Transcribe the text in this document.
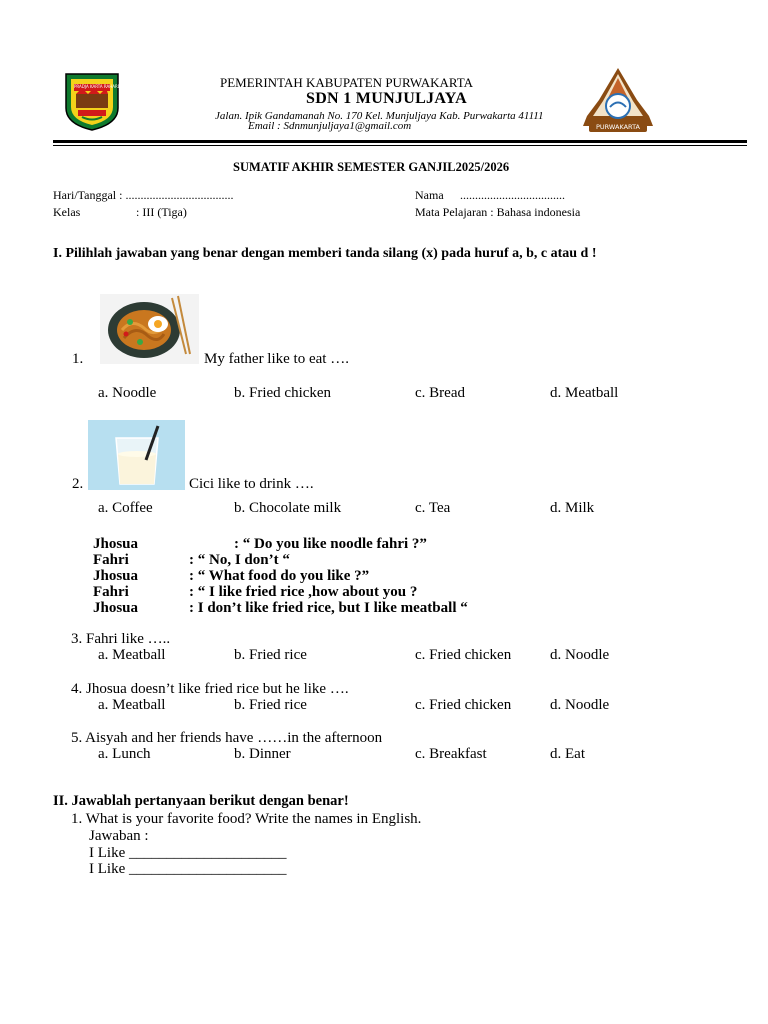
PRADJA KARTA RAHARDJA	PEMERINTAH KABUPATEN PURWAKARTA
SDN 1 MUNJULJAYA
Jalan. Ipik Gandamanah No. 170 Kel. Munjuljaya Kab. Purwakarta 41111
Email : Sdnmunjuljaya1@gmail.com	PURWAKARTA
SUMATIF AKHIR SEMESTER GANJIL2025/2026
Hari/Tanggal : ....................................
Kelas	: III (Tiga)
Nama ...................................
Mata Pelajaran : Bahasa indonesia
I. Pilihlah jawaban yang benar dengan memberi tanda silang (x) pada huruf a, b, c atau d !
1.	My father like to eat ….
a. Noodle	b. Fried chicken	c. Bread	d. Meatball
2.	Cici like to drink ….
a. Coffee	b. Chocolate milk	c. Tea	d. Milk
Jhosua	: “ Do you like noodle fahri ?”
Fahri	: “ No, I don’t “
Jhosua	: “ What food do you like ?”
Fahri	: “ I like fried rice ,how about you ?
Jhosua	: I don’t like fried rice, but I like meatball “
3. Fahri like …..
a. Meatball	b. Fried rice	c. Fried chicken	d. Noodle
4. Jhosua doesn’t like fried rice but he like ….
a. Meatball	b. Fried rice	c. Fried chicken	d. Noodle
5. Aisyah and her friends have ……in the afternoon
a. Lunch	b. Dinner	c. Breakfast	d. Eat
II. Jawablah pertanyaan berikut dengan benar!
1. What is your favorite food? Write the names in English.
Jawaban :
I Like _____________________
I Like _____________________
